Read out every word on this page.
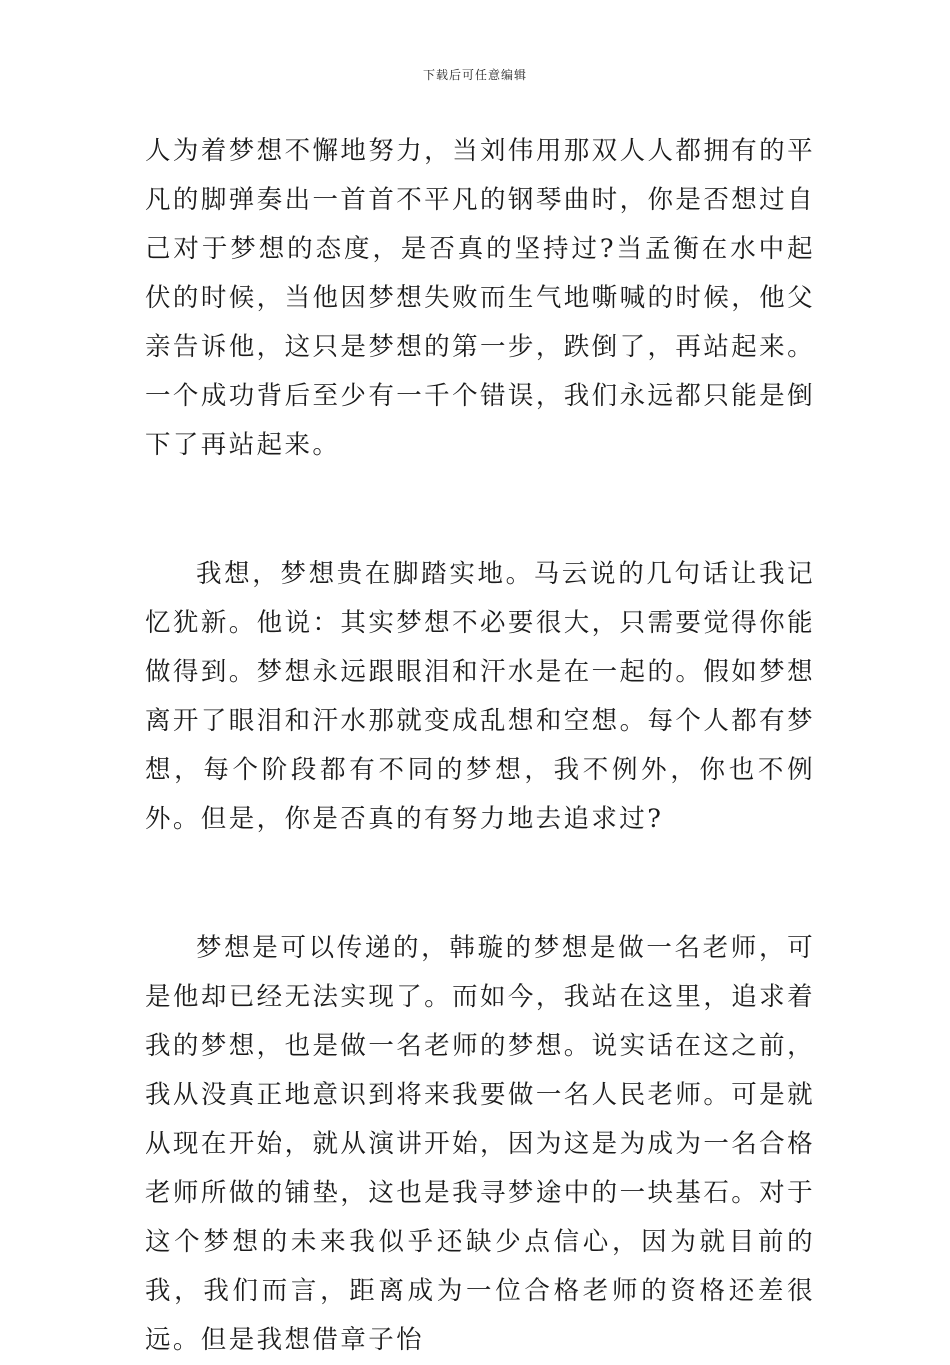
下载后可任意编辑

人为着梦想不懈地努力，当刘伟用那双人人都拥有的平凡的脚弹奏出一首首不平凡的钢琴曲时，你是否想过自己对于梦想的态度，是否真的坚持过?当孟衡在水中起伏的时候，当他因梦想失败而生气地嘶喊的时候，他父亲告诉他，这只是梦想的第一步，跌倒了，再站起来。一个成功背后至少有一千个错误，我们永远都只能是倒下了再站起来。

我想，梦想贵在脚踏实地。马云说的几句话让我记忆犹新。他说：其实梦想不必要很大，只需要觉得你能做得到。梦想永远跟眼泪和汗水是在一起的。假如梦想离开了眼泪和汗水那就变成乱想和空想。每个人都有梦想，每个阶段都有不同的梦想，我不例外，你也不例外。但是，你是否真的有努力地去追求过?

梦想是可以传递的，韩璇的梦想是做一名老师，可是他却已经无法实现了。而如今，我站在这里，追求着我的梦想，也是做一名老师的梦想。说实话在这之前，我从没真正地意识到将来我要做一名人民老师。可是就从现在开始，就从演讲开始，因为这是为成为一名合格老师所做的铺垫，这也是我寻梦途中的一块基石。对于这个梦想的未来我似乎还缺少点信心，因为就目前的我，我们而言，距离成为一位合格老师的资格还差很远。但是我想借章子怡
